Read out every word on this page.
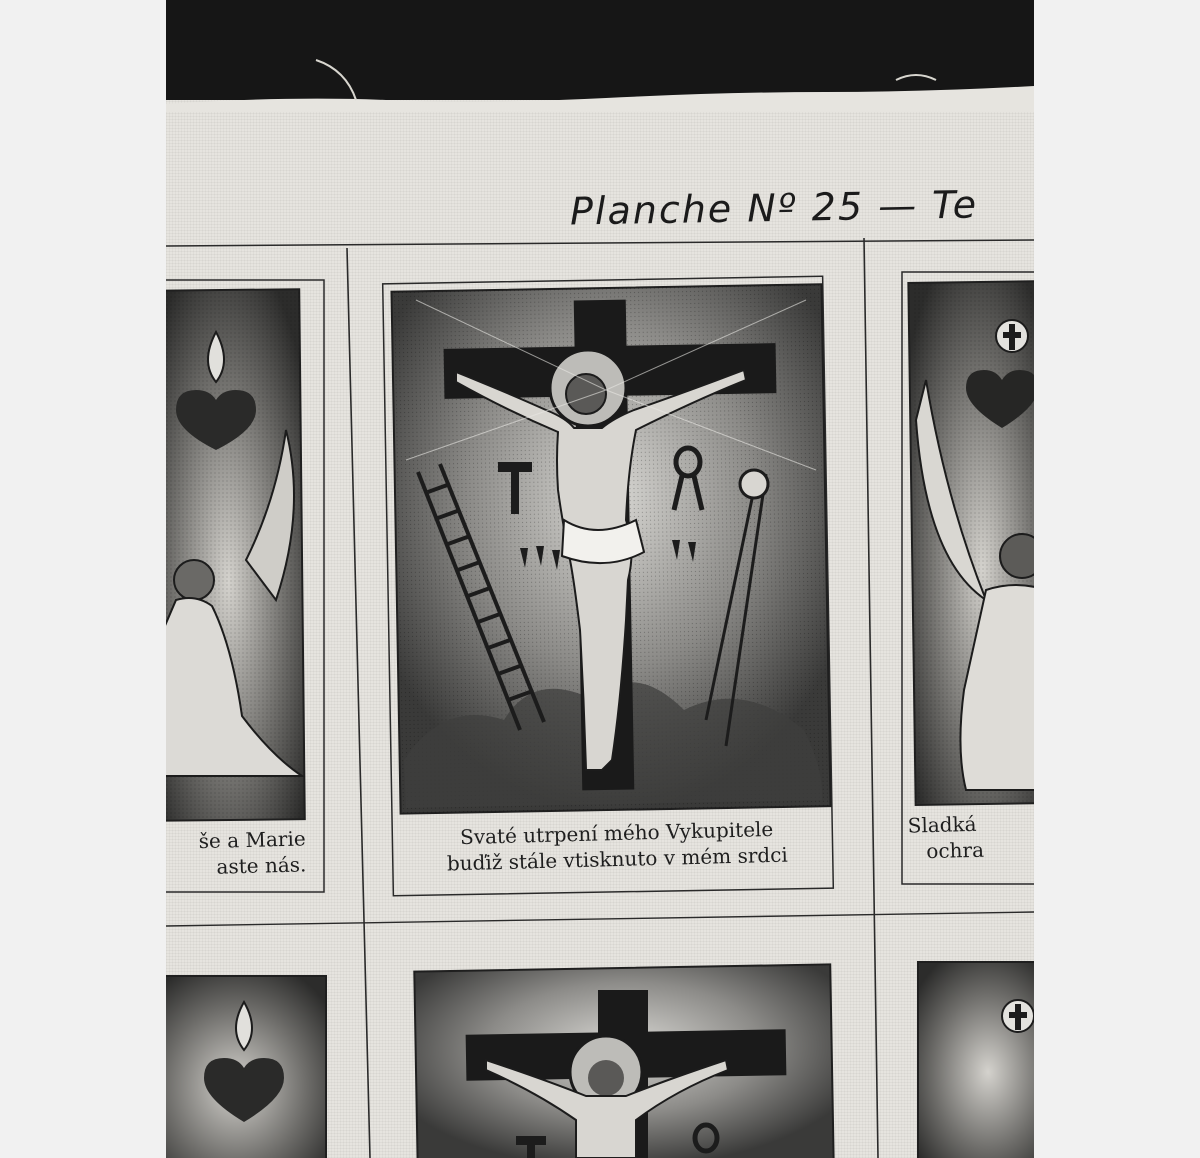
Planche Nº 25 — Te
Svaté utrpení mého Vykupitele
buďiž stále vtisknuto v mém srdci
še a Marie
aste nás.
Sladká
ochra
